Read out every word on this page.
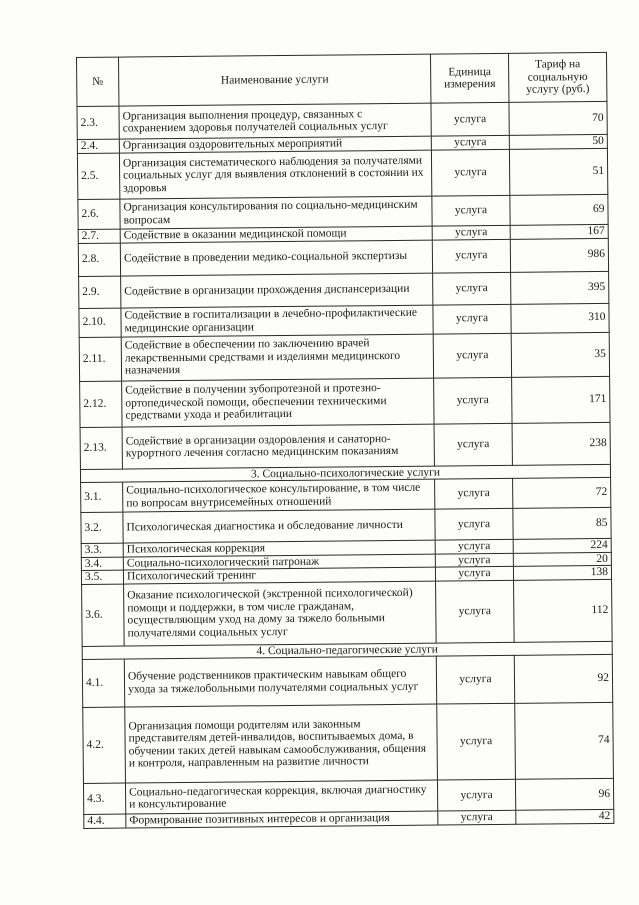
№	Наименование услуги	Единица измерения	Тариф на социальную услугу (руб.)
2.3.	Организация выполнения процедур, связанных с сохранением здоровья получателей социальных услуг	услуга	70
2.4.	Организация оздоровительных мероприятий	услуга	50
2.5.	Организация систематического наблюдения за получателями социальных услуг для выявления отклонений в состоянии их здоровья	услуга	51
2.6.	Организация консультирования по социально-медицинским вопросам	услуга	69
2.7.	Содействие в оказании медицинской помощи	услуга	167
2.8.	Содействие в проведении медико-социальной экспертизы	услуга	986
2.9.	Содействие в организации прохождения диспансеризации	услуга	395
2.10.	Содействие в госпитализации в лечебно-профилактические медицинские организации	услуга	310
2.11.	Содействие в обеспечении по заключению врачей лекарственными средствами и изделиями медицинского назначения	услуга	35
2.12.	Содействие в получении зубопротезной и протезно-ортопедической помощи, обеспечении техническими средствами ухода и реабилитации	услуга	171
2.13.	Содействие в организации оздоровления и санаторно-курортного лечения согласно медицинским показаниям	услуга	238
3. Социально-психологические услуги			
3.1.	Социально-психологическое консультирование, в том числе по вопросам внутрисемейных отношений	услуга	72
3.2.	Психологическая диагностика и обследование личности	услуга	85
3.3.	Психологическая коррекция	услуга	224
3.4.	Социально-психологический патронаж	услуга	20
3.5.	Психологический тренинг	услуга	138
3.6.	Оказание психологической (экстренной психологической) помощи и поддержки, в том числе гражданам, осуществляющим уход на дому за тяжело больными получателями социальных услуг	услуга	112
4. Социально-педагогические услуги			
4.1.	Обучение родственников практическим навыкам общего ухода за тяжелобольными получателями социальных услуг	услуга	92
4.2.	Организация помощи родителям или законным представителям детей-инвалидов, воспитываемых дома, в обучении таких детей навыкам самообслуживания, общения и контроля, направленным на развитие личности	услуга	74
4.3.	Социально-педагогическая коррекция, включая диагностику и консультирование	услуга	96
4.4.	Формирование позитивных интересов и организация	услуга	42
